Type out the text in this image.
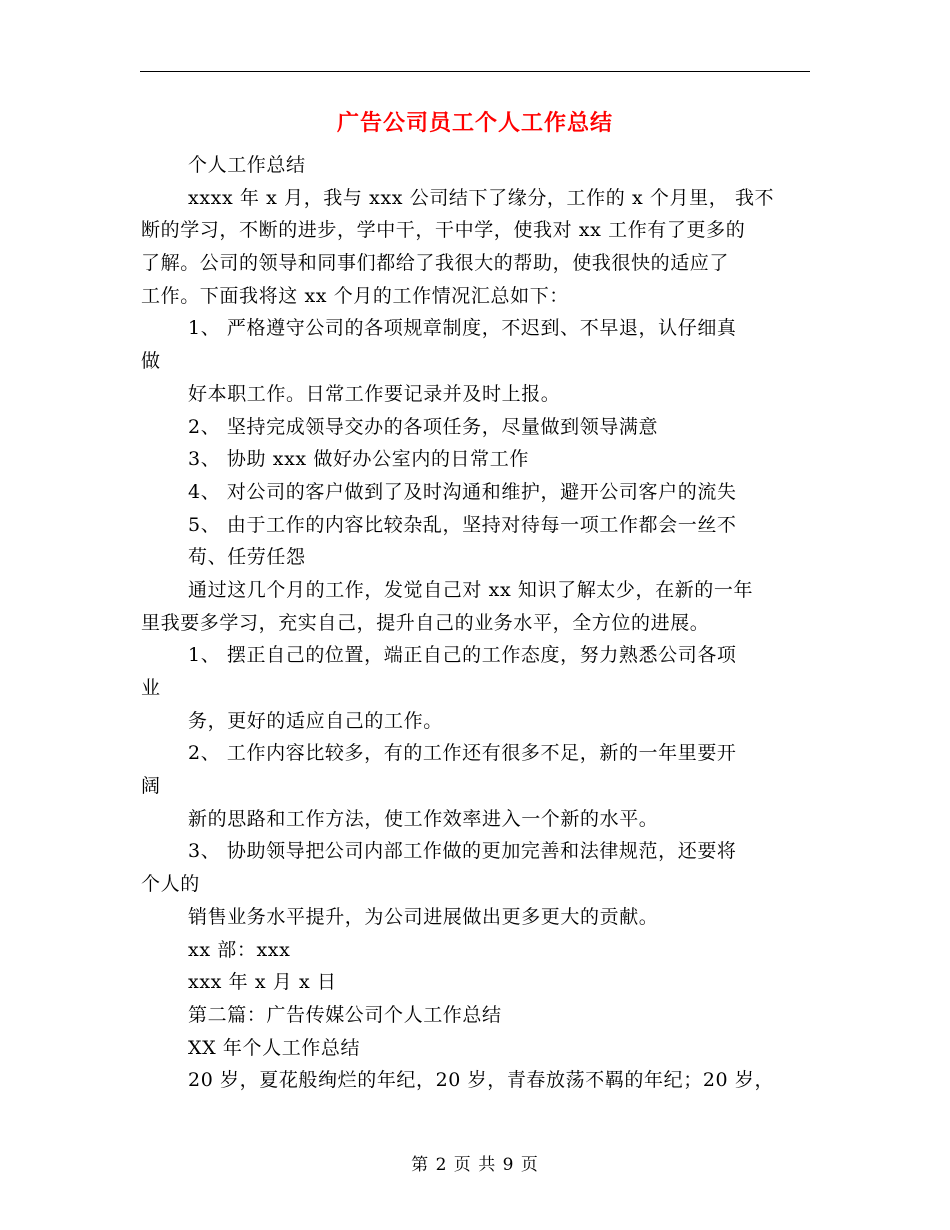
广告公司员工个人工作总结
个人工作总结
xxxx 年 x 月，我与 xxx 公司结下了缘分，工作的 x 个月里， 我不
断的学习，不断的进步，学中干，干中学，使我对 xx 工作有了更多的
了解。公司的领导和同事们都给了我很大的帮助，使我很快的适应了
工作。下面我将这 xx 个月的工作情况汇总如下：
1、 严格遵守公司的各项规章制度，不迟到、不早退，认仔细真
做
好本职工作。日常工作要记录并及时上报。
2、 坚持完成领导交办的各项任务，尽量做到领导满意
3、 协助 xxx 做好办公室内的日常工作
4、 对公司的客户做到了及时沟通和维护，避开公司客户的流失
5、 由于工作的内容比较杂乱，坚持对待每一项工作都会一丝不
苟、任劳任怨
通过这几个月的工作，发觉自己对 xx 知识了解太少，在新的一年
里我要多学习，充实自己，提升自己的业务水平，全方位的进展。
1、 摆正自己的位置，端正自己的工作态度，努力熟悉公司各项
业
务，更好的适应自己的工作。
2、 工作内容比较多，有的工作还有很多不足，新的一年里要开
阔
新的思路和工作方法，使工作效率进入一个新的水平。
3、 协助领导把公司内部工作做的更加完善和法律规范，还要将
个人的
销售业务水平提升，为公司进展做出更多更大的贡献。
xx 部：xxx
xxx 年 x 月 x 日
第二篇：广告传媒公司个人工作总结
XX 年个人工作总结
20 岁，夏花般绚烂的年纪，20 岁，青春放荡不羁的年纪；20 岁，
第 2 页 共 9 页
